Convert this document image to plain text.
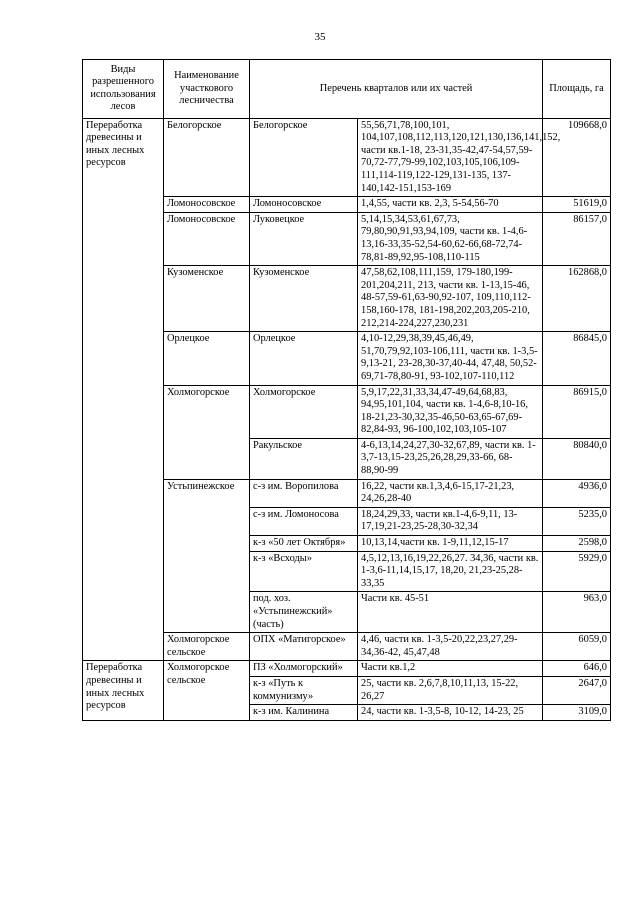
35
Виды разрешенного использования лесов	Наименование участкового лесничества	Перечень кварталов или их частей		Площадь, га
Переработка древесины и иных лесных ресурсов	Белогорское	Белогорское	55,56,71,78,100,101, 104,107,108,112,113,120,121,130,136,141,152, части кв.1-18, 23-31,35-42,47-54,57,59-70,72-77,79-99,102,103,105,106,109-111,114-119,122-129,131-135, 137-140,142-151,153-169	109668,0
	Ломоносовское	Ломоносовское	1,4,55, части кв. 2,3, 5-54,56-70	51619,0
	Ломоносовское	Луковецкое	5,14,15,34,53,61,67,73, 79,80,90,91,93,94,109, части кв. 1-4,6-13,16-33,35-52,54-60,62-66,68-72,74-78,81-89,92,95-108,110-115	86157,0
	Кузоменское	Кузоменское	47,58,62,108,111,159, 179-180,199-201,204,211, 213, части кв. 1-13,15-46, 48-57,59-61,63-90,92-107, 109,110,112-158,160-178, 181-198,202,203,205-210, 212,214-224,227,230,231	162868,0
	Орлецкое	Орлецкое	4,10-12,29,38,39,45,46,49, 51,70,79,92,103-106,111, части кв. 1-3,5-9,13-21, 23-28,30-37,40-44, 47,48, 50,52-69,71-78,80-91, 93-102,107-110,112	86845,0
	Холмогорское	Холмогорское	5,9,17,22,31,33,34,47-49,64,68,83, 94,95,101,104, части кв. 1-4,6-8,10-16, 18-21,23-30,32,35-46,50-63,65-67,69-82,84-93, 96-100,102,103,105-107	86915,0
		Ракульское	4-6,13,14,24,27,30-32,67,89, части кв. 1-3,7-13,15-23,25,26,28,29,33-66, 68-88,90-99	80840,0
	Устьпинежское	с-з им. Воропилова	16,22, части кв.1,3,4,6-15,17-21,23, 24,26,28-40	4936,0
		с-з им. Ломоносова	18,24,29,33, части кв.1-4,6-9,11, 13-17,19,21-23,25-28,30-32,34	5235,0
		к-з «50 лет Октября»	10,13,14,части кв. 1-9,11,12,15-17	2598,0
		к-з «Всходы»	4,5,12,13,16,19,22,26,27. 34,36, части кв. 1-3,6-11,14,15,17, 18,20, 21,23-25,28-33,35	5929,0
		под. хоз. «Устьпинежский» (часть)	Части кв. 45-51	963,0
	Холмогорское сельское	ОПХ «Матигорское»	4,46, части кв. 1-3,5-20,22,23,27,29-34,36-42, 45,47,48	6059,0
Переработка древесины и иных лесных ресурсов	Холмогорское сельское	ПЗ «Холмогорский»	Части кв.1,2	646,0
		к-з «Путь к коммунизму»	25, части кв. 2,6,7,8,10,11,13, 15-22, 26,27	2647,0
		к-з им. Калинина	24, части кв. 1-3,5-8, 10-12, 14-23, 25	3109,0
